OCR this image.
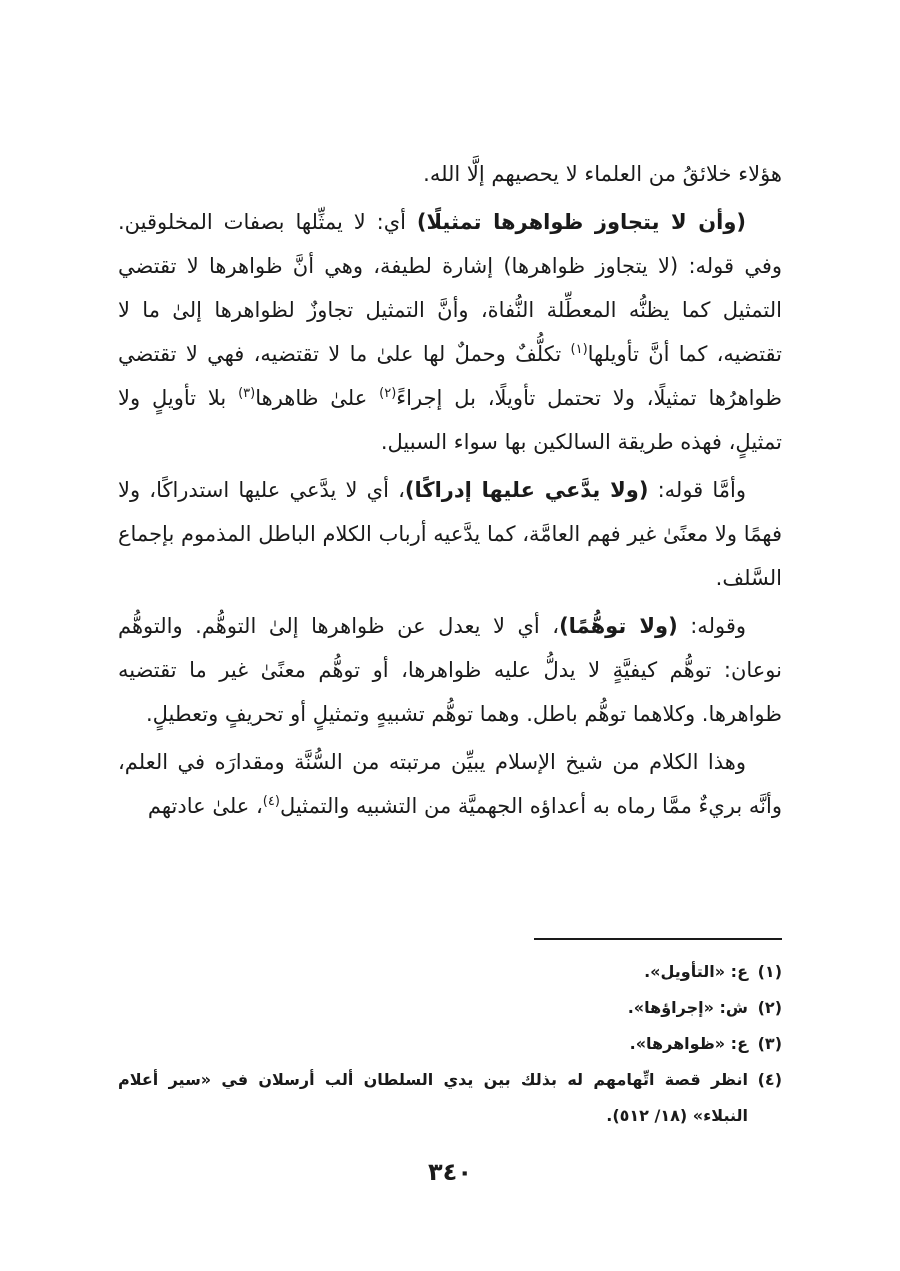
هؤلاء خلائقُ من العلماء لا يحصيهم إلَّا الله.

(وأن لا يتجاوز ظواهرها تمثيلًا) أي: لا يمثِّلها بصفات المخلوقين. وفي قوله: (لا يتجاوز ظواهرها) إشارة لطيفة، وهي أنَّ ظواهرها لا تقتضي التمثيل كما يظنُّه المعطِّلة النُّفاة، وأنَّ التمثيل تجاوزٌ لظواهرها إلىٰ ما لا تقتضيه، كما أنَّ تأويلها$^{(١)}$ تكلُّفٌ وحملٌ لها علىٰ ما لا تقتضيه، فهي لا تقتضي ظواهرُها تمثيلًا، ولا تحتمل تأويلًا، بل إجراءً$^{(٢)}$ علىٰ ظاهرها$^{(٣)}$ بلا تأويلٍ ولا تمثيلٍ، فهذه طريقة السالكين بها سواء السبيل.

وأمَّا قوله: (ولا يدَّعي عليها إدراكًا)، أي لا يدَّعي عليها استدراكًا، ولا فهمًا ولا معنًىٰ غير فهم العامَّة، كما يدَّعيه أرباب الكلام الباطل المذموم بإجماع السَّلف.

وقوله: (ولا توهُّمًا)، أي لا يعدل عن ظواهرها إلىٰ التوهُّم. والتوهُّم نوعان: توهُّم كيفيَّةٍ لا يدلُّ عليه ظواهرها، أو توهُّم معنًىٰ غير ما تقتضيه ظواهرها. وكلاهما توهُّم باطل. وهما توهُّم تشبيهٍ وتمثيلٍ أو تحريفٍ وتعطيلٍ.

وهذا الكلام من شيخ الإسلام يبيِّن مرتبته من السُّنَّة ومقدارَه في العلم، وأنَّه بريءٌ ممَّا رماه به أعداؤه الجهميَّة من التشبيه والتمثيل$^{(٤)}$، علىٰ عادتهم

(١)
ع: «التأويل».
(٢)
ش: «إجراؤها».
(٣)
ع: «ظواهرها».
(٤)
انظر قصة اتِّهامهم له بذلك بين يدي السلطان ألب أرسلان في «سير أعلام النبلاء» (١٨/ ٥١٢).
٣٤٠
